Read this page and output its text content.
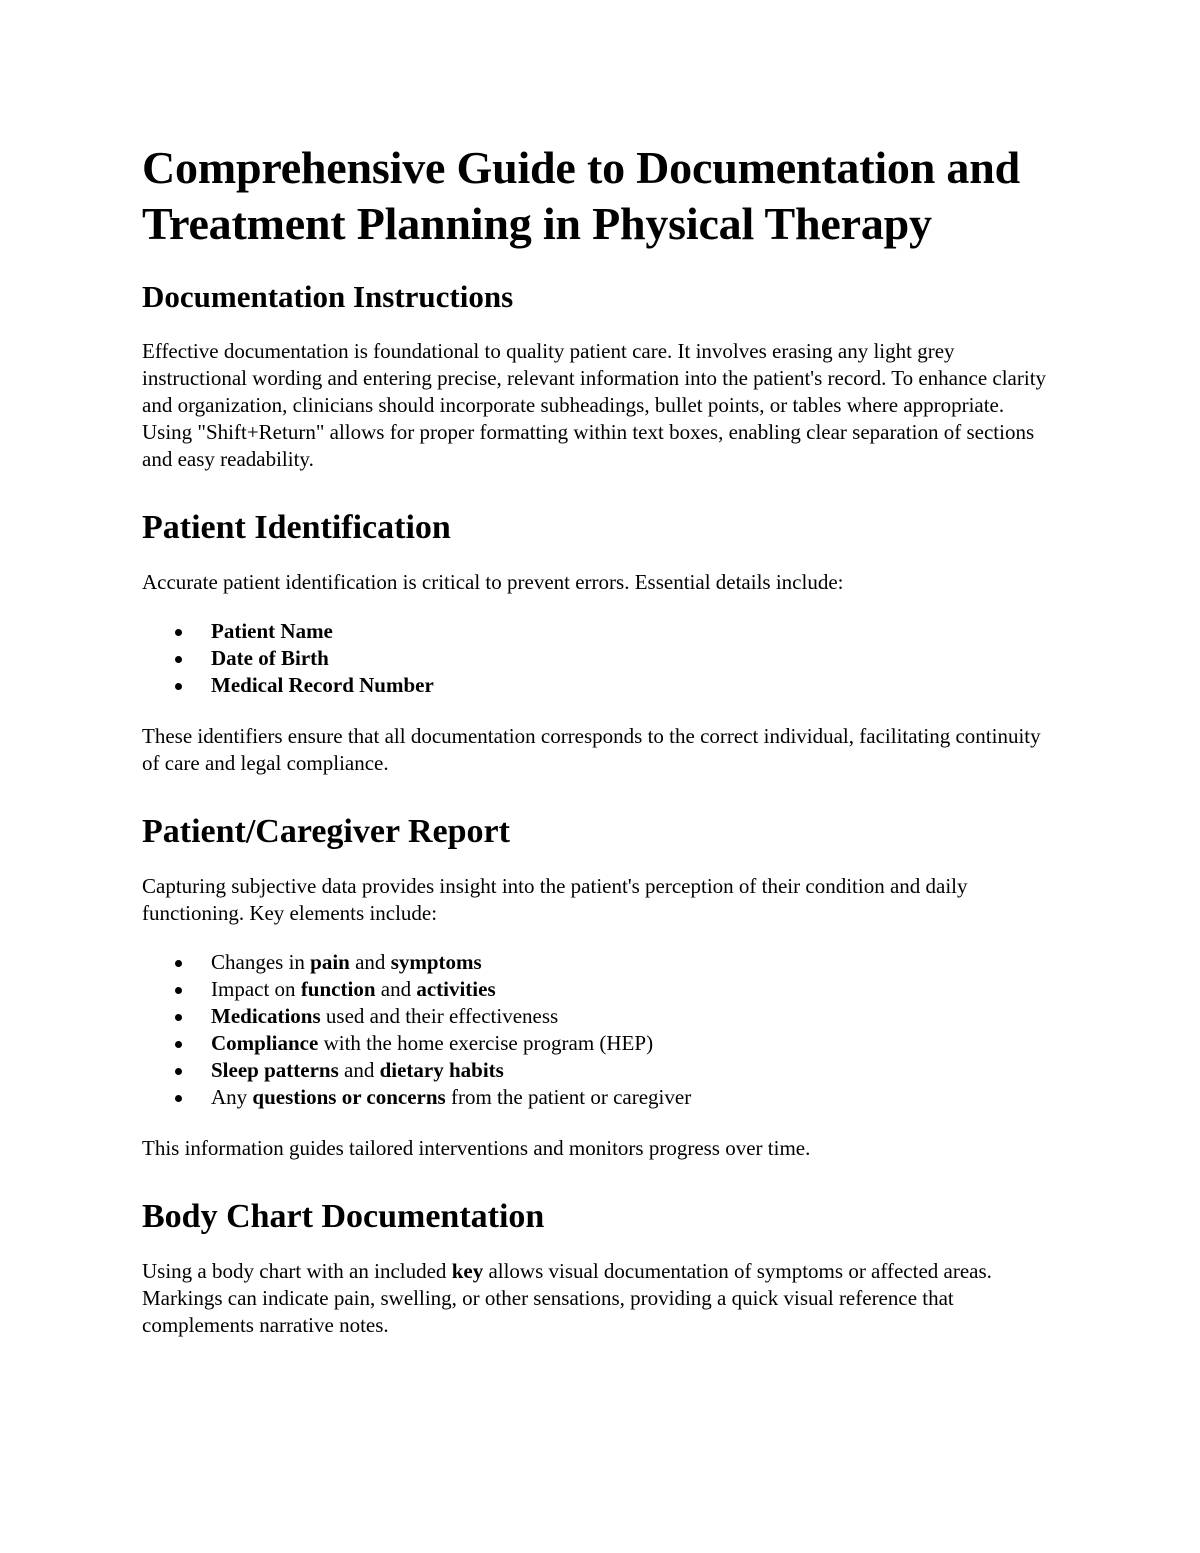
Comprehensive Guide to Documentation and Treatment Planning in Physical Therapy
Documentation Instructions

Effective documentation is foundational to quality patient care. It involves erasing any light grey instructional wording and entering precise, relevant information into the patient's record. To enhance clarity and organization, clinicians should incorporate subheadings, bullet points, or tables where appropriate. Using "Shift+Return" allows for proper formatting within text boxes, enabling clear separation of sections and easy readability.

Patient Identification

Accurate patient identification is critical to prevent errors. Essential details include:

Patient Name
Date of Birth
Medical Record Number

These identifiers ensure that all documentation corresponds to the correct individual, facilitating continuity of care and legal compliance.

Patient/Caregiver Report

Capturing subjective data provides insight into the patient's perception of their condition and daily functioning. Key elements include:

Changes in pain and symptoms
Impact on function and activities
Medications used and their effectiveness
Compliance with the home exercise program (HEP)
Sleep patterns and dietary habits
Any questions or concerns from the patient or caregiver

This information guides tailored interventions and monitors progress over time.

Body Chart Documentation

Using a body chart with an included key allows visual documentation of symptoms or affected areas. Markings can indicate pain, swelling, or other sensations, providing a quick visual reference that complements narrative notes.
